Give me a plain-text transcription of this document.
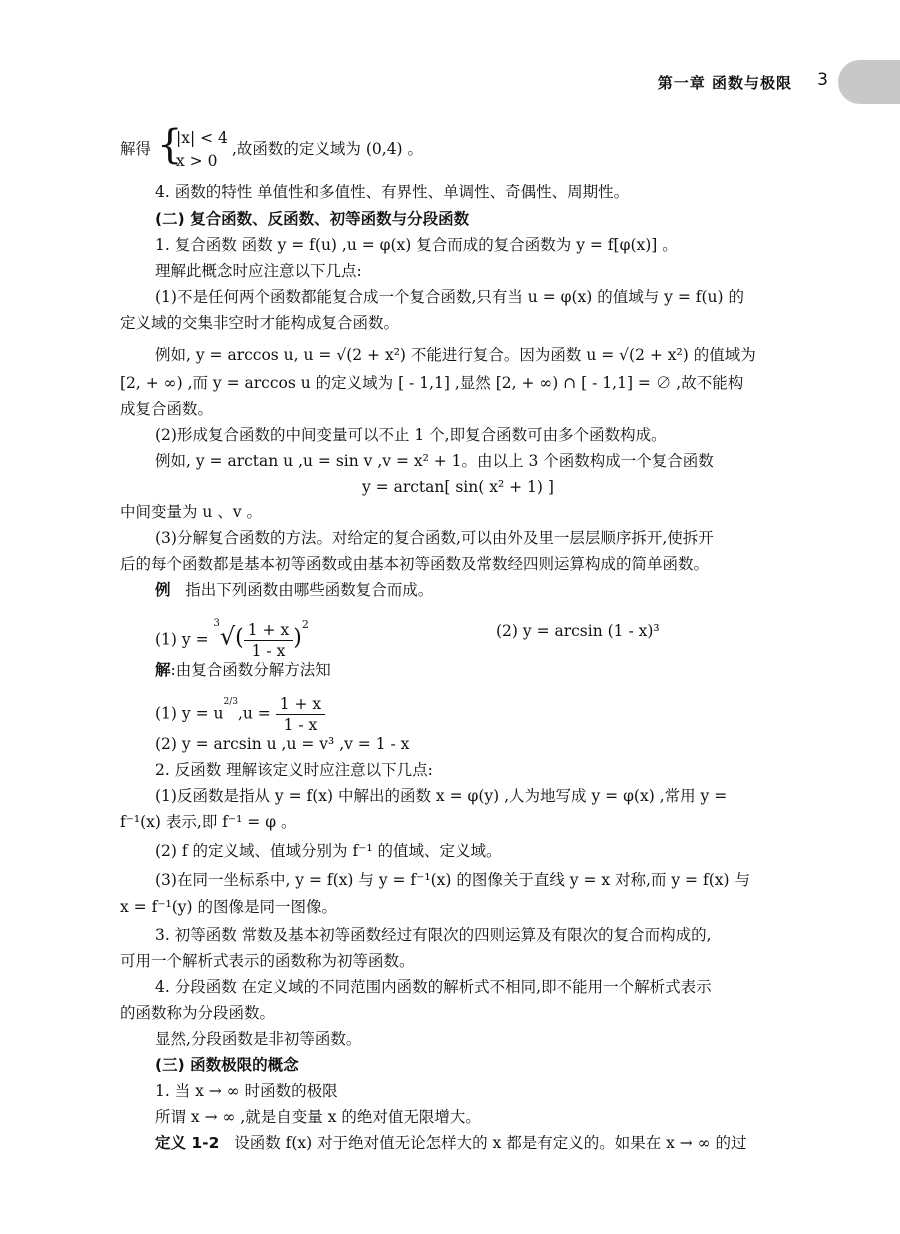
第一章 函数与极限 3
解得 {
|x| < 4
x > 0
,故函数的定义域为 (0,4) 。
4. 函数的特性 单值性和多值性、有界性、单调性、奇偶性、周期性。
(二) 复合函数、反函数、初等函数与分段函数
1. 复合函数 函数 y = f(u) ,u = φ(x) 复合而成的复合函数为 y = f[φ(x)] 。
理解此概念时应注意以下几点:
(1)不是任何两个函数都能复合成一个复合函数,只有当 u = φ(x) 的值域与 y = f(u) 的
定义域的交集非空时才能构成复合函数。
例如, y = arccos u, u = √(2 + x²) 不能进行复合。因为函数 u = √(2 + x²) 的值域为
[2, + ∞) ,而 y = arccos u 的定义域为 [ - 1,1] ,显然 [2, + ∞) ∩ [ - 1,1] = ∅ ,故不能构
成复合函数。
(2)形成复合函数的中间变量可以不止 1 个,即复合函数可由多个函数构成。
例如, y = arctan u ,u = sin v ,v = x² + 1。由以上 3 个函数构成一个复合函数
y = arctan[ sin( x² + 1) ]
中间变量为 u 、v 。
(3)分解复合函数的方法。对给定的复合函数,可以由外及里一层层顺序拆开,使拆开
后的每个函数都是基本初等函数或由基本初等函数及常数经四则运算构成的简单函数。
例 指出下列函数由哪些函数复合而成。
(1) $y = ^3√( \frac{1 + x}{1 - x} )^2$	(2) y = arcsin (1 - x)³
解:由复合函数分解方法知
(1) $y = u^{2/3},u = \frac{1 + x}{1 - x}$
(2) y = arcsin u ,u = v³ ,v = 1 - x
2. 反函数 理解该定义时应注意以下几点:
(1)反函数是指从 y = f(x) 中解出的函数 x = φ(y) ,人为地写成 y = φ(x) ,常用 y =
f⁻¹(x) 表示,即 f⁻¹ = φ 。
(2) f 的定义域、值域分别为 f⁻¹ 的值域、定义域。
(3)在同一坐标系中, y = f(x) 与 y = f⁻¹(x) 的图像关于直线 y = x 对称,而 y = f(x) 与
x = f⁻¹(y) 的图像是同一图像。
3. 初等函数 常数及基本初等函数经过有限次的四则运算及有限次的复合而构成的,
可用一个解析式表示的函数称为初等函数。
4. 分段函数 在定义域的不同范围内函数的解析式不相同,即不能用一个解析式表示
的函数称为分段函数。
显然,分段函数是非初等函数。
(三) 函数极限的概念
1. 当 x → ∞ 时函数的极限
所谓 x → ∞ ,就是自变量 x 的绝对值无限增大。
定义 1-2 设函数 f(x) 对于绝对值无论怎样大的 x 都是有定义的。如果在 x → ∞ 的过
